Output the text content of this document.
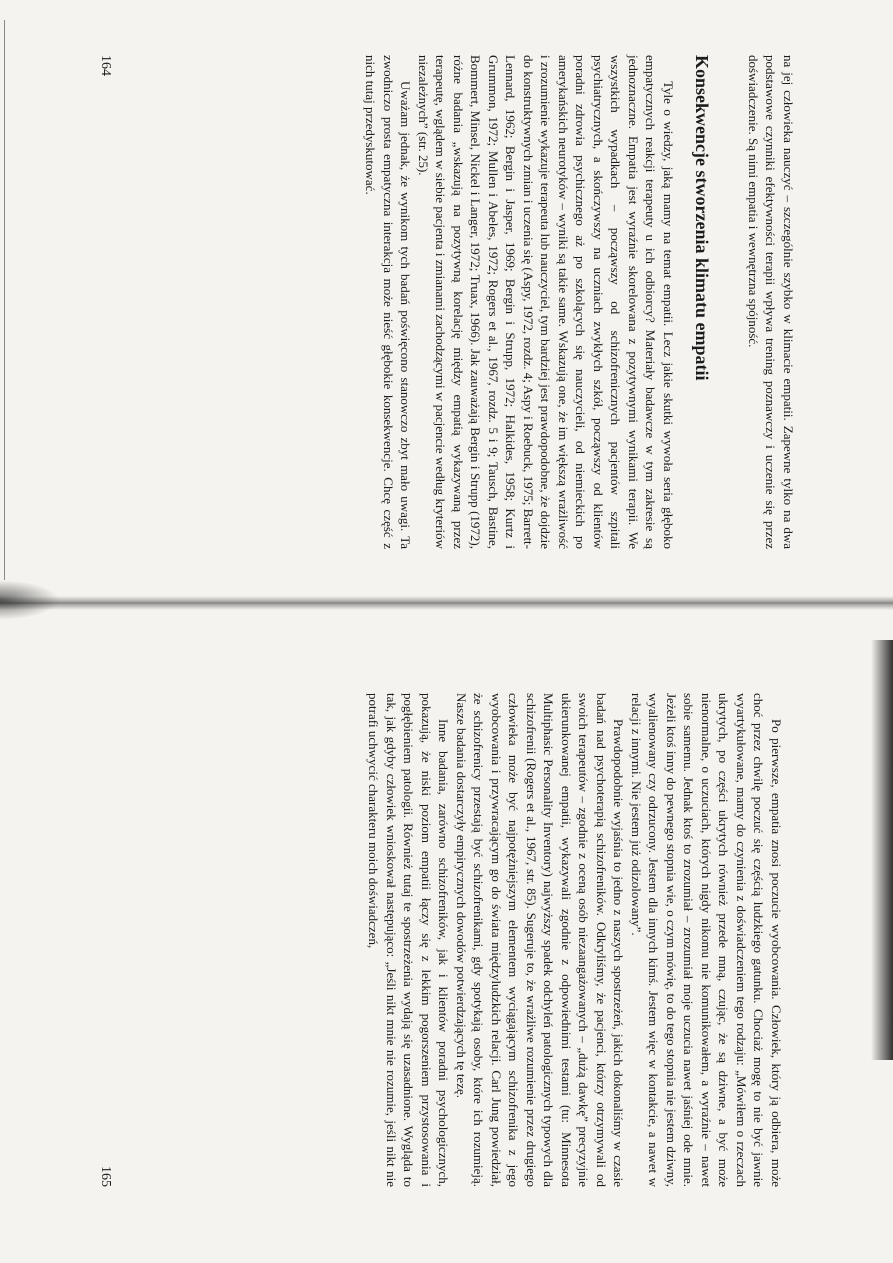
na jej człowieka nauczyć – szczególnie szybko w klimacie empatii. Zapewne tylko na dwa podstawowe czynniki efektywności terapii wpływa trening poznawczy i uczenie się przez doświadczenie. Są nimi empatia i wewnętrzna spójność.

Konsekwencje stworzenia klimatu empatii

Tyle o wiedzy, jaką mamy na temat empatii. Lecz jakie skutki wywoła seria głęboko empatycznych reakcji terapeuty u ich odbiorcy? Materiały badawcze w tym zakresie są jednoznaczne. Empatia jest wyraźnie skorelowana z pozytywnymi wynikami terapii. We wszystkich wypadkach – począwszy od schizofrenicznych pacjentów szpitali psychiatrycznych, a skończywszy na uczniach zwykłych szkół, począwszy od klientów poradni zdrowia psychicznego aż po szkolących się nauczycieli, od niemieckich po amerykańskich neurotyków – wyniki są takie same. Wskazują one, że im większą wrażliwość i zrozumienie wykazuje terapeuta lub nauczyciel, tym bardziej jest prawdopodobne, że dojdzie do konstruktywnych zmian i uczenia się (Aspy, 1972, rozdz. 4; Aspy i Roebuck, 1975; Barrett-Lennard, 1962; Bergin i Jasper, 1969; Bergin i Strupp, 1972; Halkides, 1958; Kurtz i Grummon, 1972; Mullen i Abeles, 1972; Rogers et al., 1967, rozdz. 5 i 9; Tausch, Bastine, Bommert, Minsel, Nickel i Langer, 1972; Truax, 1966). Jak zauważają Bergin i Strupp (1972), różne badania „wskazują na pozytywną korelację między empatią wykazywaną przez terapeutę, wglądem w siebie pacjenta i zmianami zachodzącymi w pacjencie według kryteriów niezależnych” (str. 25).

Uważam jednak, że wynikom tych badań poświęcono stanowczo zbyt mało uwagi. Ta zwodniczo prosta empatyczna interakcja może nieść głębokie konsekwencje. Chcę część z nich tutaj przedyskutować.

164

Po pierwsze, empatia znosi poczucie wyobcowania. Człowiek, który ją odbiera, może choć przez chwilę poczuć się częścią ludzkiego gatunku. Chociaż mogę to nie być jawnie wyartykułowane, mamy do czynienia z doświadczeniem tego rodzaju: „Mówiłem o rzeczach ukrytych, po części ukrytych również przede mną, czując, że są dziwne, a być może nienormalne, o uczuciach, których nigdy nikomu nie komunikowałem, a wyraźnie – nawet sobie samemu. Jednak ktoś to zrozumiał – zrozumiał moje uczucia nawet jaśniej ode mnie. Jeżeli ktoś inny do pewnego stopnia wie, o czym mówię, to do tego stopnia nie jestem dziwny, wyalienowany czy odrzucony. Jestem dla innych kimś. Jestem więc w kontakcie, a nawet w relacji z innymi. Nie jestem już odizolowany”.

Prawdopodobnie wyjaśnia to jedno z naszych spostrzeżeń, jakich dokonaliśmy w czasie badań nad psychoterapią schizofreników. Odkryliśmy, że pacjenci, którzy otrzymywali od swoich terapeutów – zgodnie z oceną osób niezaangażowanych – „dużą dawkę” precyzyjnie ukierunkowanej empatii, wykazywali zgodnie z odpowiednimi testami (tu: Minnesota Multiphasic Personality Inventory) najwyższy spadek odchyleń patologicznych typowych dla schizofrenii (Rogers et al., 1967, str. 85). Sugeruje to, że wrażliwe rozumienie przez drugiego człowieka może być najpotężniejszym elementem wyciągającym schizofrenika z jego wyobcowania i przywracającym go do świata międzyludzkich relacji. Carl Jung powiedział, że schizofrenicy przestają być schizofrenikami, gdy spotykają osoby, które ich rozumieją. Nasze badania dostarczyły empirycznych dowodów potwierdzających tę tezę.

Inne badania, zarówno schizofreników, jak i klientów poradni psychologicznych, pokazują, że niski poziom empatii łączy się z lekkim pogorszeniem przystosowania i pogłębieniem patologii. Również tutaj te spostrzeżenia wydają się uzasadnione. Wygląda to tak, jak gdyby człowiek wnioskował następująco: „Jeśli nikt mnie nie rozumie, jeśli nikt nie potrafi uchwycić charakteru moich doświadczeń,

165
